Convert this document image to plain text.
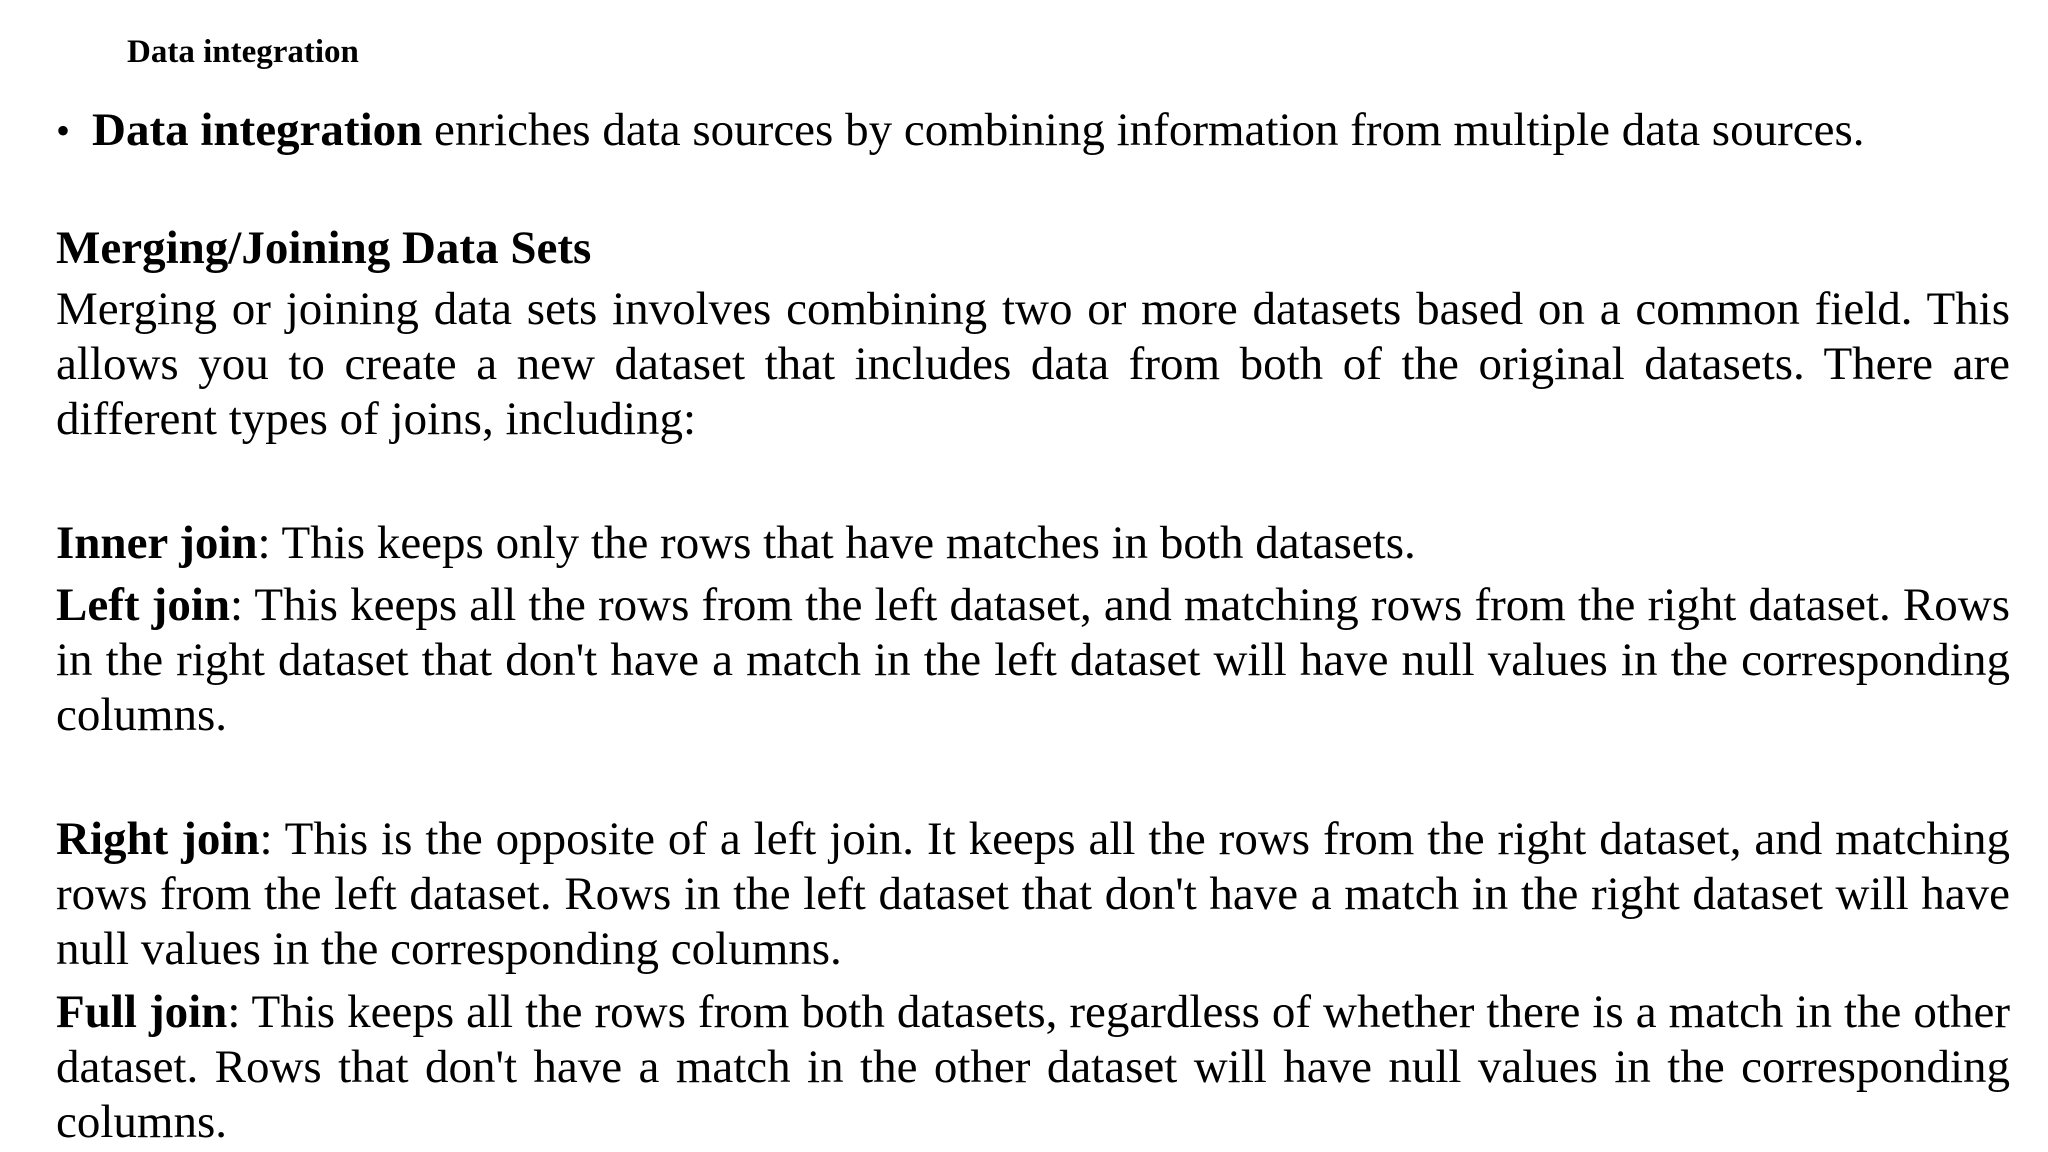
Data integration
• Data integration enriches data sources by combining information from multiple data sources.
Merging/Joining Data Sets
Merging or joining data sets involves combining two or more datasets based on a common field. This allows you to create a new dataset that includes data from both of the original datasets. There are different types of joins, including:
Inner join: This keeps only the rows that have matches in both datasets.
Left join: This keeps all the rows from the left dataset, and matching rows from the right dataset. Rows in the right dataset that don't have a match in the left dataset will have null values in the corresponding columns.
Right join: This is the opposite of a left join. It keeps all the rows from the right dataset, and matching rows from the left dataset. Rows in the left dataset that don't have a match in the right dataset will have null values in the corresponding columns.
Full join: This keeps all the rows from both datasets, regardless of whether there is a match in the other dataset. Rows that don't have a match in the other dataset will have null values in the corresponding columns.
